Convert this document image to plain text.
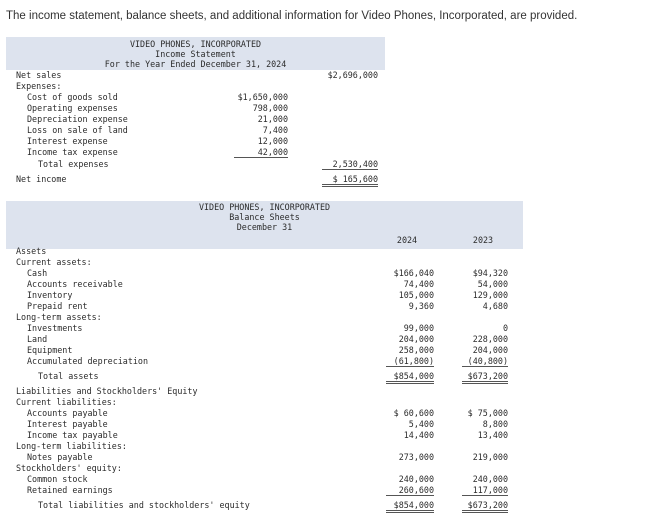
The income statement, balance sheets, and additional information for Video Phones, Incorporated, are provided.
VIDEO PHONES, INCORPORATED
Income Statement
For the Year Ended December 31, 2024
Net sales	$2,696,000
Expenses:
Cost of goods sold	$1,650,000
Operating expenses	798,000
Depreciation expense	21,000
Loss on sale of land	7,400
Interest expense	12,000
Income tax expense	42,000
Total expenses	2,530,400
Net income	$ 165,600
VIDEO PHONES, INCORPORATED
Balance Sheets
December 31
2024	2023
Assets
Current assets:
Cash	$166,040	$94,320
Accounts receivable	74,400	54,000
Inventory	105,000	129,000
Prepaid rent	9,360	4,680
Long-term assets:
Investments	99,000	0
Land	204,000	228,000
Equipment	258,000	204,000
Accumulated depreciation	(61,800)	(40,800)
Total assets	$854,000	$673,200
Liabilities and Stockholders' Equity
Current liabilities:
Accounts payable	$ 60,600	$ 75,000
Interest payable	5,400	8,800
Income tax payable	14,400	13,400
Long-term liabilities:
Notes payable	273,000	219,000
Stockholders' equity:
Common stock	240,000	240,000
Retained earnings	260,600	117,000
Total liabilities and stockholders' equity	$854,000	$673,200
